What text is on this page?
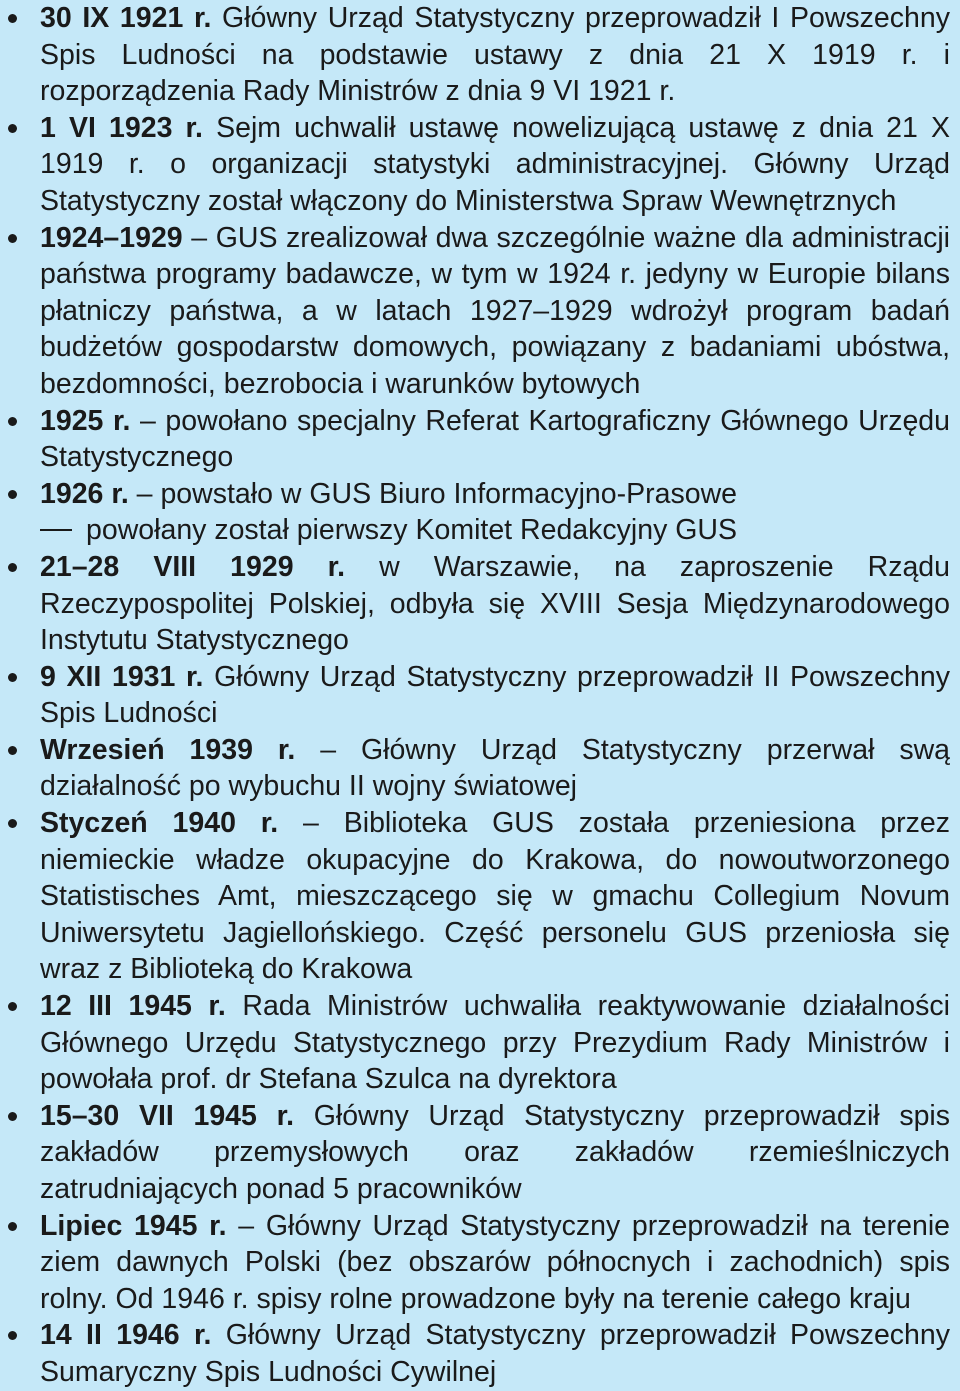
30 IX 1921 r. Główny Urząd Statystyczny przeprowadził I Powszechny Spis Ludności na podstawie ustawy z dnia 21 X 1919 r. i rozporządzenia Rady Ministrów z dnia 9 VI 1921 r.
1 VI 1923 r. Sejm uchwalił ustawę nowelizującą ustawę z dnia 21 X 1919 r. o organizacji statystyki administracyjnej. Główny Urząd Statystyczny został włączony do Ministerstwa Spraw Wewnętrznych
1924–1929 – GUS zrealizował dwa szczególnie ważne dla administracji państwa programy badawcze, w tym w 1924 r. jedyny w Europie bilans płatniczy państwa, a w latach 1927–1929 wdrożył program badań budżetów gospodarstw domowych, powiązany z badaniami ubóstwa, bezdomności, bezrobocia i warunków bytowych
1925 r. – powołano specjalny Referat Kartograficzny Głównego Urzędu Statystycznego
1926 r. – powstało w GUS Biuro Informacyjno-Prasowe
powołany został pierwszy Komitet Redakcyjny GUS
21–28 VIII 1929 r. w Warszawie, na zaproszenie Rządu Rzeczypospolitej Polskiej, odbyła się XVIII Sesja Międzynarodowego Instytutu Statystycznego
9 XII 1931 r. Główny Urząd Statystyczny przeprowadził II Powszechny Spis Ludności
Wrzesień 1939 r. – Główny Urząd Statystyczny przerwał swą działalność po wybuchu II wojny światowej
Styczeń 1940 r. – Biblioteka GUS została przeniesiona przez niemieckie władze okupacyjne do Krakowa, do nowoutworzonego Statistisches Amt, mieszczącego się w gmachu Collegium Novum Uniwersytetu Jagiellońskiego. Część personelu GUS przeniosła się wraz z Biblioteką do Krakowa
12 III 1945 r. Rada Ministrów uchwaliła reaktywowanie działalności Głównego Urzędu Statystycznego przy Prezydium Rady Ministrów i powołała prof. dr Stefana Szulca na dyrektora
15–30 VII 1945 r. Główny Urząd Statystyczny przeprowadził spis zakładów przemysłowych oraz zakładów rzemieślniczych zatrudniających ponad 5 pracowników
Lipiec 1945 r. – Główny Urząd Statystyczny przeprowadził na terenie ziem dawnych Polski (bez obszarów północnych i zachodnich) spis rolny. Od 1946 r. spisy rolne prowadzone były na terenie całego kraju
14 II 1946 r. Główny Urząd Statystyczny przeprowadził Powszechny Sumaryczny Spis Ludności Cywilnej
